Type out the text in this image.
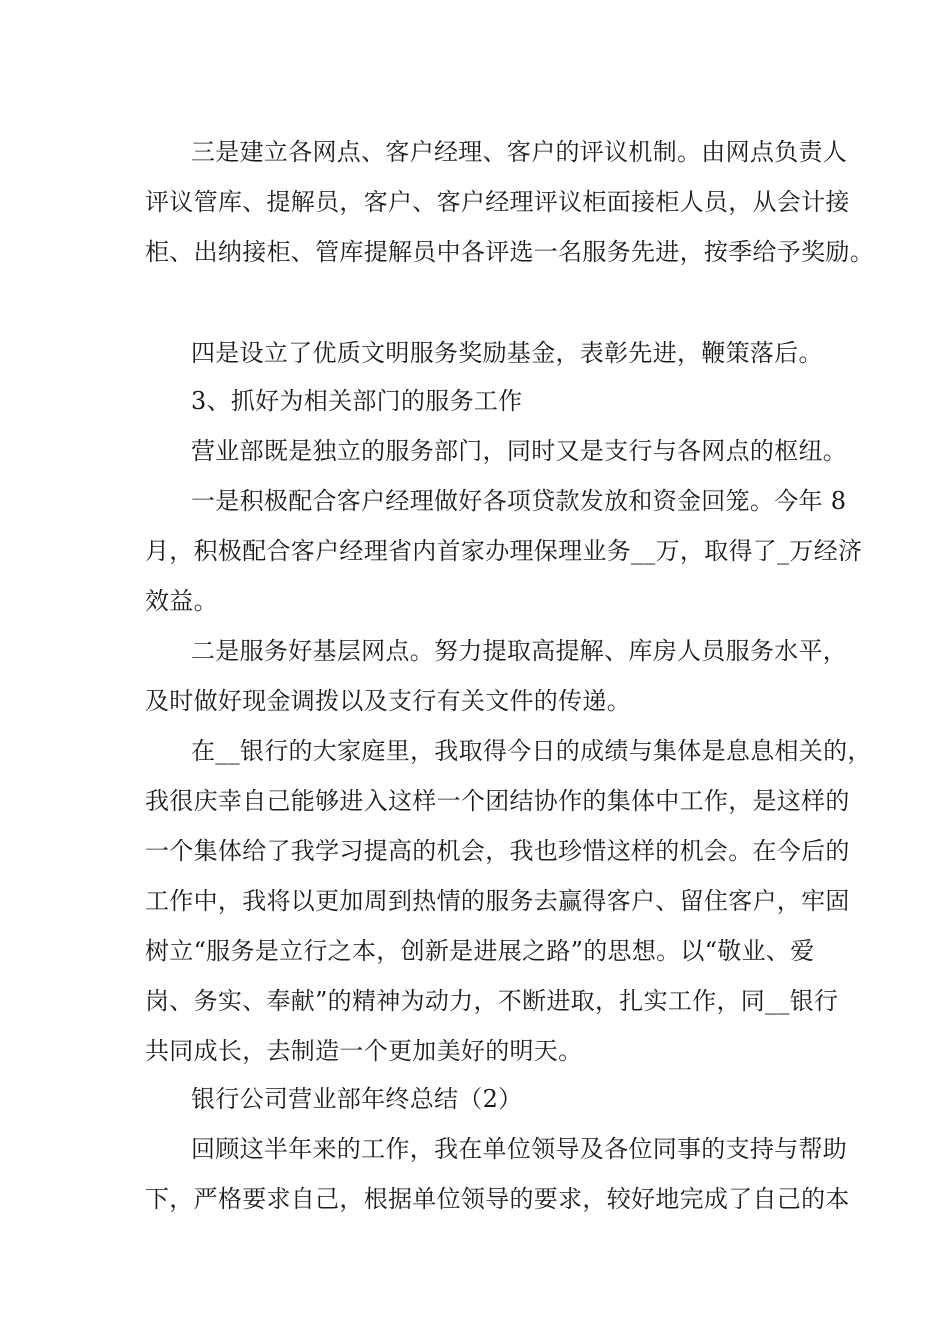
三是建立各网点、客户经理、客户的评议机制。由网点负责人
评议管库、提解员，客户、客户经理评议柜面接柜人员，从会计接
柜、出纳接柜、管库提解员中各评选一名服务先进，按季给予奖励。
四是设立了优质文明服务奖励基金，表彰先进，鞭策落后。
3、抓好为相关部门的服务工作
营业部既是独立的服务部门，同时又是支行与各网点的枢纽。
一是积极配合客户经理做好各项贷款发放和资金回笼。今年 8
月，积极配合客户经理省内首家办理保理业务__万，取得了_万经济
效益。
二是服务好基层网点。努力提取高提解、库房人员服务水平，
及时做好现金调拨以及支行有关文件的传递。
在__银行的大家庭里，我取得今日的成绩与集体是息息相关的，
我很庆幸自己能够进入这样一个团结协作的集体中工作，是这样的
一个集体给了我学习提高的机会，我也珍惜这样的机会。在今后的
工作中，我将以更加周到热情的服务去赢得客户、留住客户，牢固
树立“服务是立行之本，创新是进展之路”的思想。以“敬业、爱
岗、务实、奉献”的精神为动力，不断进取，扎实工作，同__银行
共同成长，去制造一个更加美好的明天。
银行公司营业部年终总结（2）
回顾这半年来的工作，我在单位领导及各位同事的支持与帮助
下，严格要求自己，根据单位领导的要求，较好地完成了自己的本
